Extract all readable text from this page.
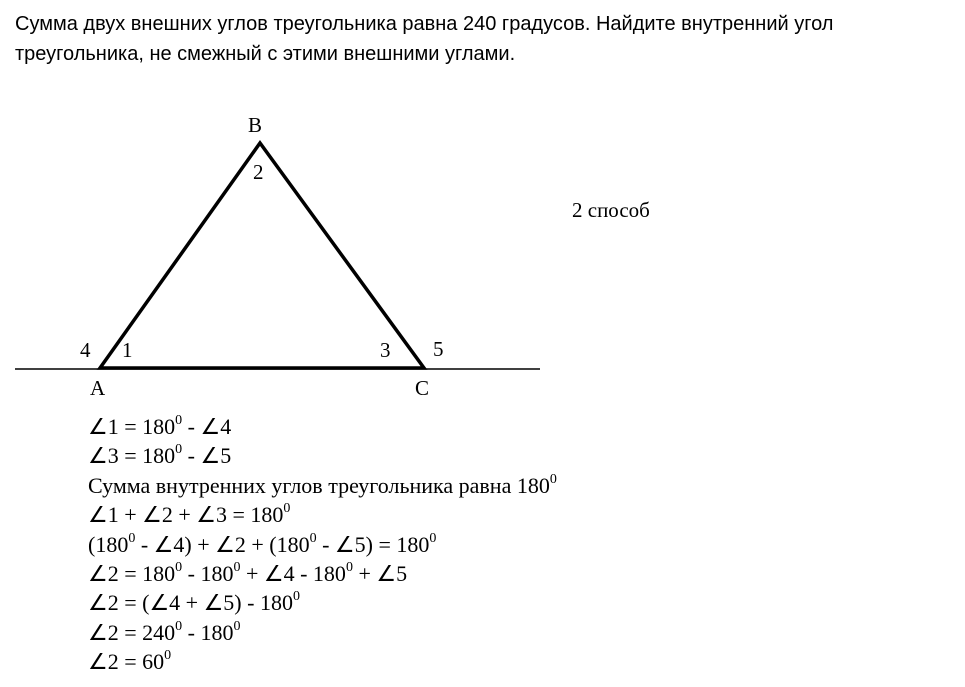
Сумма двух внешних углов треугольника равна 240 градусов. Найдите внутренний угол
треугольника, не смежный с этими внешними углами.
B
A	C
2
1
4	3 5
2 способ
∠1 = $180^0$ - ∠4
∠3 = $180^0$ - ∠5
Сумма внутренних углов треугольника равна $180^0$
∠1 + ∠2 + ∠3 = $180^0$
($180^0$ - ∠4) + ∠2 + ($180^0$ - ∠5) = $180^0$
∠2 = $180^0 - 180^0$ + ∠4 - $180^0$ + ∠5
∠2 = (∠4 + ∠5) - $180^0$
∠2 = $240^0 - 180^0$
∠2 = $60^0$
